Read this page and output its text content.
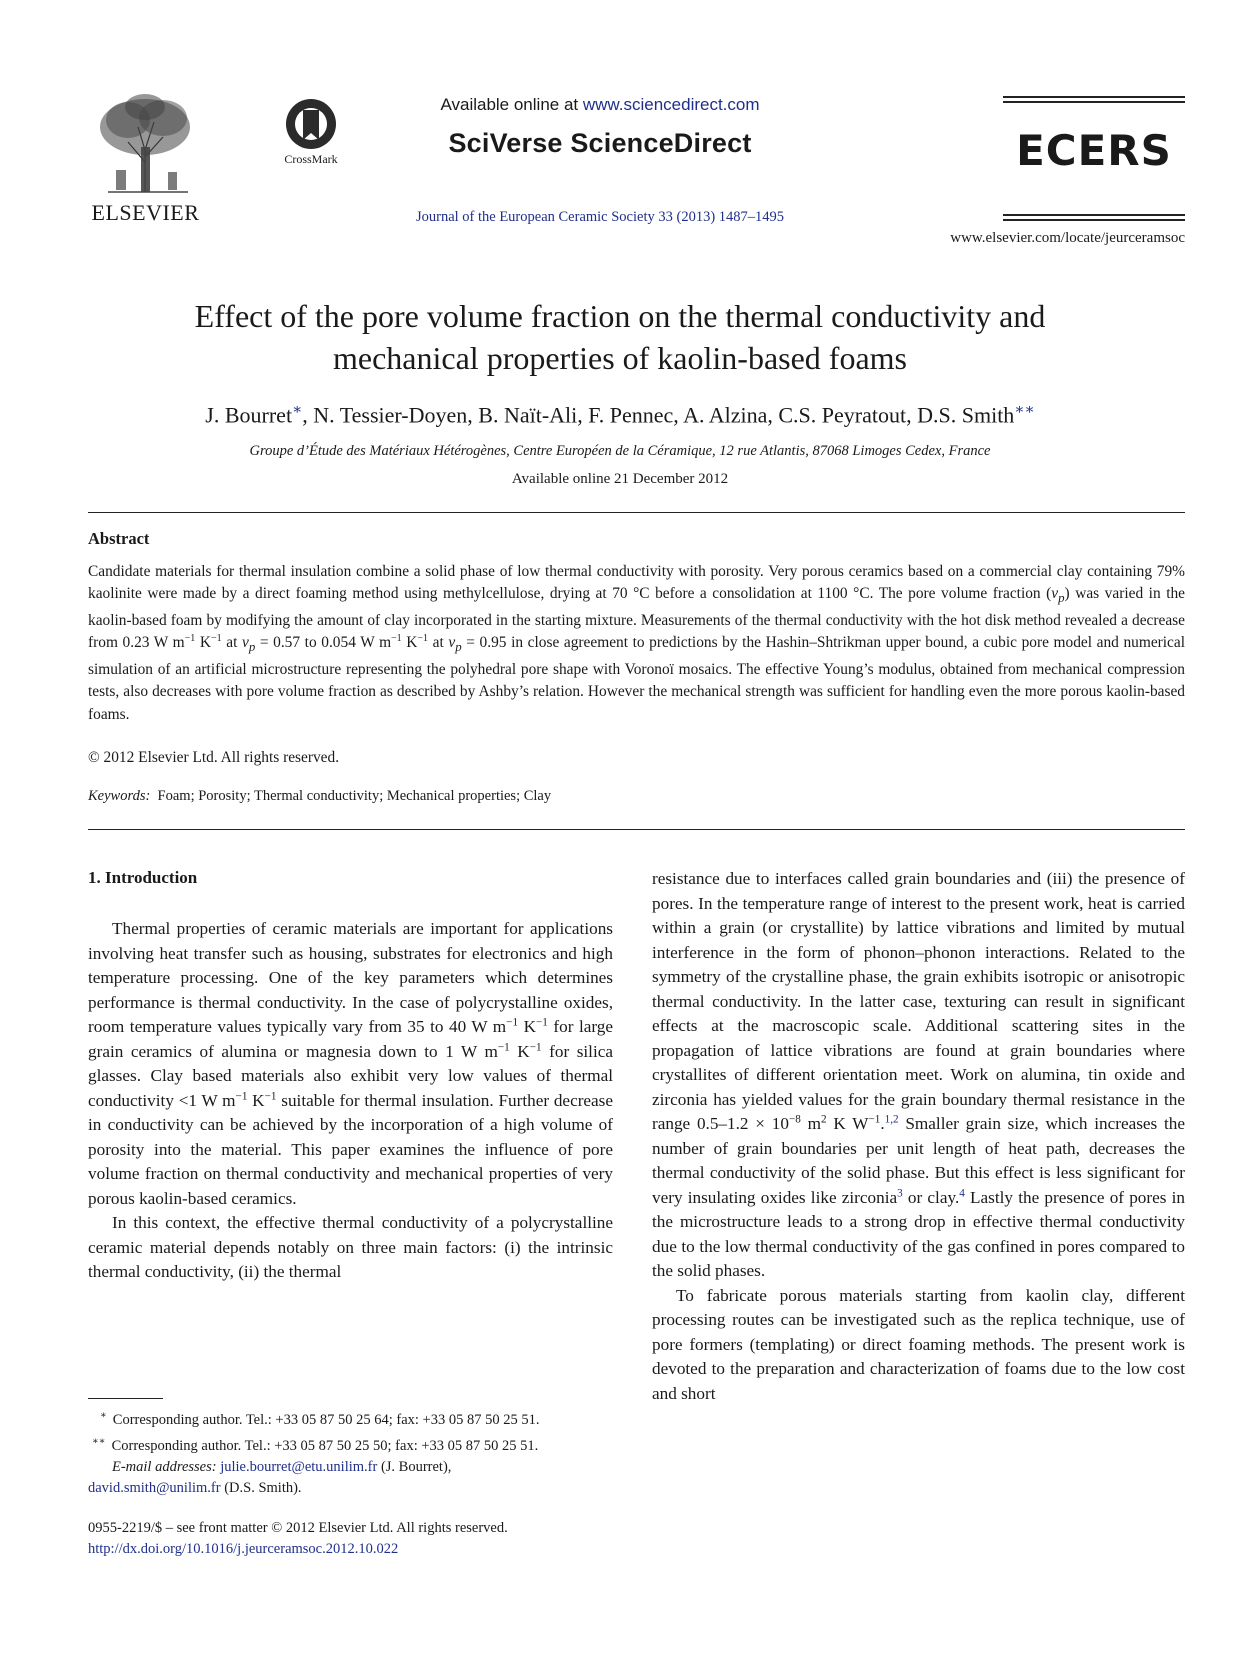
ELSEVIER
CrossMark
Available online at www.sciencedirect.com
SciVerse ScienceDirect
Journal of the European Ceramic Society 33 (2013) 1487–1495
ECERS
www.elsevier.com/locate/jeurceramsoc
Effect of the pore volume fraction on the thermal conductivity and
mechanical properties of kaolin-based foams
J. Bourret∗, N. Tessier-Doyen, B. Naït-Ali, F. Pennec, A. Alzina, C.S. Peyratout, D.S. Smith∗∗
Groupe d’Étude des Matériaux Hétérogènes, Centre Européen de la Céramique, 12 rue Atlantis, 87068 Limoges Cedex, France
Available online 21 December 2012
Abstract
Candidate materials for thermal insulation combine a solid phase of low thermal conductivity with porosity. Very porous ceramics based on a commercial clay containing 79% kaolinite were made by a direct foaming method using methylcellulose, drying at 70 °C before a consolidation at 1100 °C. The pore volume fraction $(v_p)$ was varied in the kaolin-based foam by modifying the amount of clay incorporated in the starting mixture. Measurements of the thermal conductivity with the hot disk method revealed a decrease from 0.23 W $m^{-1}$ $K^{-1}$ at $v_p = 0.57$ to 0.054 W $m^{-1}$ $K^{-1}$ at $v_p = 0.95$ in close agreement to predictions by the Hashin–Shtrikman upper bound, a cubic pore model and numerical simulation of an artificial microstructure representing the polyhedral pore shape with Voronoï mosaics. The effective Young’s modulus, obtained from mechanical compression tests, also decreases with pore volume fraction as described by Ashby’s relation. However the mechanical strength was sufficient for handling even the more porous kaolin-based foams.
© 2012 Elsevier Ltd. All rights reserved.
Keywords: Foam; Porosity; Thermal conductivity; Mechanical properties; Clay
1. Introduction

Thermal properties of ceramic materials are important for applications involving heat transfer such as housing, substrates for electronics and high temperature processing. One of the key parameters which determines performance is thermal conductivity. In the case of polycrystalline oxides, room temperature values typically vary from 35 to 40 W $m^{-1}$ $K^{-1}$ for large grain ceramics of alumina or magnesia down to 1 W $m^{-1}$ $K^{-1}$ for silica glasses. Clay based materials also exhibit very low values of thermal conductivity <1 W $m^{-1}$ $K^{-1}$ suitable for thermal insulation. Further decrease in conductivity can be achieved by the incorporation of a high volume of porosity into the material. This paper examines the influence of pore volume fraction on thermal conductivity and mechanical properties of very porous kaolin-based ceramics.

In this context, the effective thermal conductivity of a polycrystalline ceramic material depends notably on three main factors: (i) the intrinsic thermal conductivity, (ii) the thermal

resistance due to interfaces called grain boundaries and (iii) the presence of pores. In the temperature range of interest to the present work, heat is carried within a grain (or crystallite) by lattice vibrations and limited by mutual interference in the form of phonon–phonon interactions. Related to the symmetry of the crystalline phase, the grain exhibits isotropic or anisotropic thermal conductivity. In the latter case, texturing can result in significant effects at the macroscopic scale. Additional scattering sites in the propagation of lattice vibrations are found at grain boundaries where crystallites of different orientation meet. Work on alumina, tin oxide and zirconia has yielded values for the grain boundary thermal resistance in the range $0.5-1.2 \times 10^{-8}$ $m^2$ K $W^{-1}.^{1,2}$ Smaller grain size, which increases the number of grain boundaries per unit length of heat path, decreases the thermal conductivity of the solid phase. But this effect is less significant for very insulating oxides like zirconia$^3$ or clay.$^4$ Lastly the presence of pores in the microstructure leads to a strong drop in effective thermal conductivity due to the low thermal conductivity of the gas confined in pores compared to the solid phases.

To fabricate porous materials starting from kaolin clay, different processing routes can be investigated such as the replica technique, use of pore formers (templating) or direct foaming methods. The present work is devoted to the preparation and characterization of foams due to the low cost and short

∗ Corresponding author. Tel.: +33 05 87 50 25 64; fax: +33 05 87 50 25 51.
∗∗ Corresponding author. Tel.: +33 05 87 50 25 50; fax: +33 05 87 50 25 51.
E-mail addresses: julie.bourret@etu.unilim.fr (J. Bourret),
david.smith@unilim.fr (D.S. Smith).
0955-2219/$ – see front matter © 2012 Elsevier Ltd. All rights reserved.
http://dx.doi.org/10.1016/j.jeurceramsoc.2012.10.022
